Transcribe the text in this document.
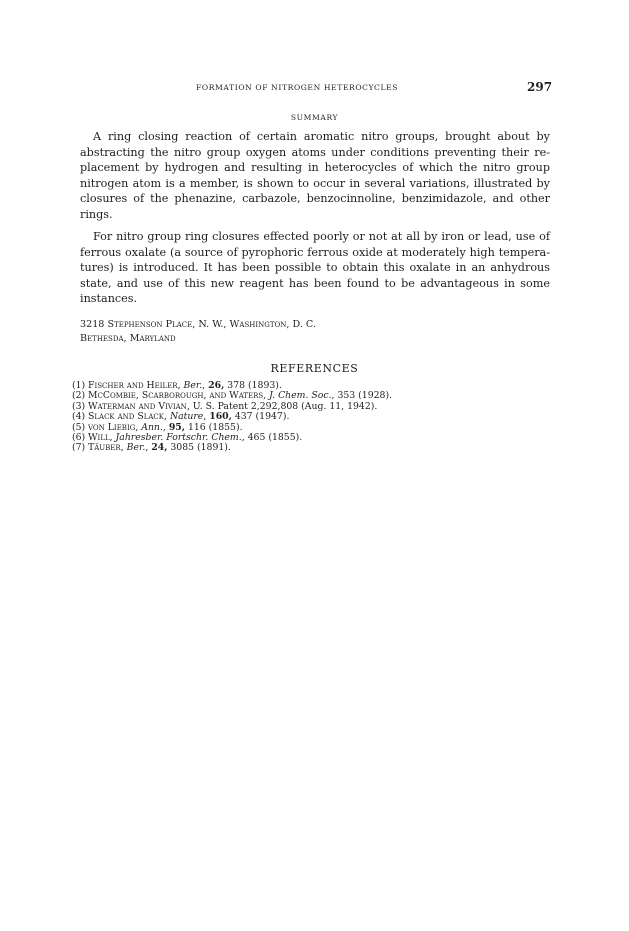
FORMATION OF NITROGEN HETEROCYCLES	297
SUMMARY

A ring closing reaction of certain aromatic nitro groups, brought about by
abstracting the nitro group oxygen atoms under conditions preventing their re-
placement by hydrogen and resulting in heterocycles of which the nitro group
nitrogen atom is a member, is shown to occur in several variations, illustrated by
closures of the phenazine, carbazole, benzocinnoline, benzimidazole, and other
rings.

For nitro group ring closures effected poorly or not at all by iron or lead, use of
ferrous oxalate (a source of pyrophoric ferrous oxide at moderately high tempera-
tures) is introduced. It has been possible to obtain this oxalate in an anhydrous
state, and use of this new reagent has been found to be advantageous in some
instances.

3218 Stephenson Place, N. W., Washington, D. C.
Bethesda, Maryland
REFERENCES
(1) Fischer and Heiler, Ber., 26, 378 (1893).
(2) McCombie, Scarborough, and Waters, J. Chem. Soc., 353 (1928).
(3) Waterman and Vivian, U. S. Patent 2,292,808 (Aug. 11, 1942).
(4) Slack and Slack, Nature, 160, 437 (1947).
(5) von Liebig, Ann., 95, 116 (1855).
(6) Will, Jahresber. Fortschr. Chem., 465 (1855).
(7) Täuber, Ber., 24, 3085 (1891).
